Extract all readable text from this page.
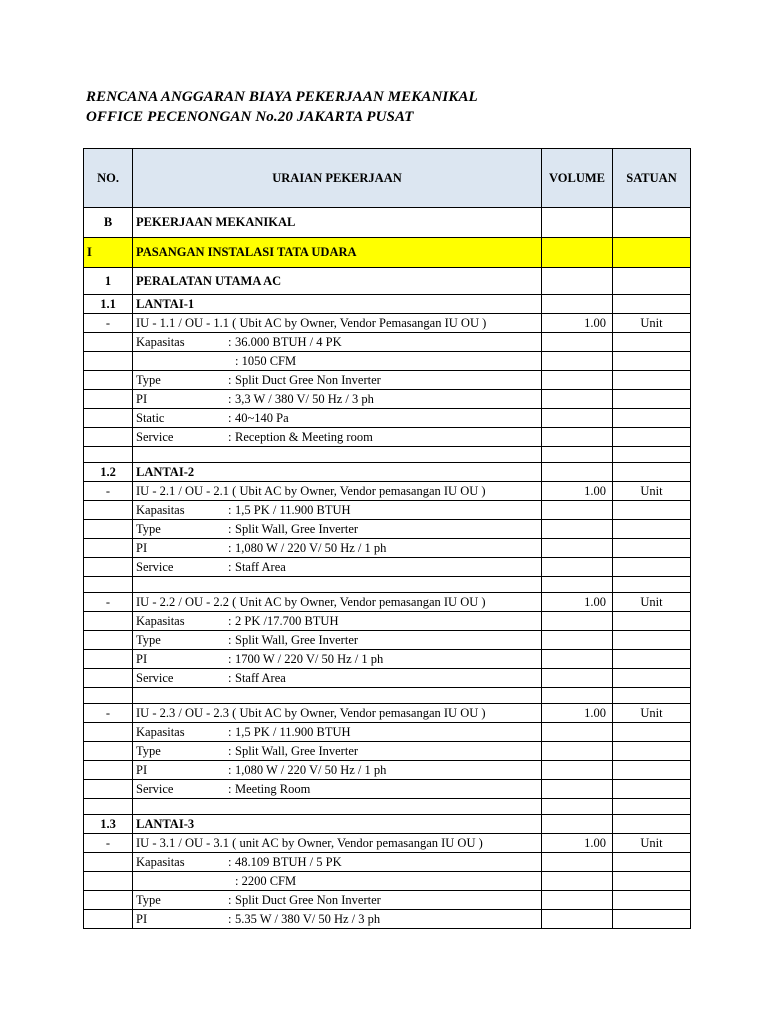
RENCANA ANGGARAN BIAYA PEKERJAAN MEKANIKAL
OFFICE PECENONGAN No.20 JAKARTA PUSAT
NO.	URAIAN PEKERJAAN	VOLUME	SATUAN
B	PEKERJAAN MEKANIKAL		
I	PASANGAN INSTALASI TATA UDARA		
1	PERALATAN UTAMA AC		
1.1	LANTAI-1		
-	IU - 1.1 / OU - 1.1 ( Ubit AC by Owner, Vendor Pemasangan IU OU )	1.00	Unit
	Kapasitas : 36.000 BTUH / 4 PK		
	: 1050 CFM		
	Type : Split Duct Gree Non Inverter		
	PI : 3,3 W / 380 V/ 50 Hz / 3 ph		
	Static : 40~140 Pa		
	Service : Reception & Meeting room		

1.2	LANTAI-2		
-	IU - 2.1 / OU - 2.1 ( Ubit AC by Owner, Vendor pemasangan IU OU )	1.00	Unit
	Kapasitas : 1,5 PK / 11.900 BTUH		
	Type : Split Wall, Gree Inverter		
	PI : 1,080 W / 220 V/ 50 Hz / 1 ph		
	Service : Staff Area		

-	IU - 2.2 / OU - 2.2 ( Unit AC by Owner, Vendor pemasangan IU OU )	1.00	Unit
	Kapasitas : 2 PK /17.700 BTUH		
	Type : Split Wall, Gree Inverter		
	PI : 1700 W / 220 V/ 50 Hz / 1 ph		
	Service : Staff Area		

-	IU - 2.3 / OU - 2.3 ( Ubit AC by Owner, Vendor pemasangan IU OU )	1.00	Unit
	Kapasitas : 1,5 PK / 11.900 BTUH		
	Type : Split Wall, Gree Inverter		
	PI : 1,080 W / 220 V/ 50 Hz / 1 ph		
	Service : Meeting Room		

1.3	LANTAI-3		
-	IU - 3.1 / OU - 3.1 ( unit AC by Owner, Vendor pemasangan IU OU )	1.00	Unit
	Kapasitas : 48.109 BTUH / 5 PK		
	: 2200 CFM		
	Type : Split Duct Gree Non Inverter		
	PI : 5.35 W / 380 V/ 50 Hz / 3 ph		
